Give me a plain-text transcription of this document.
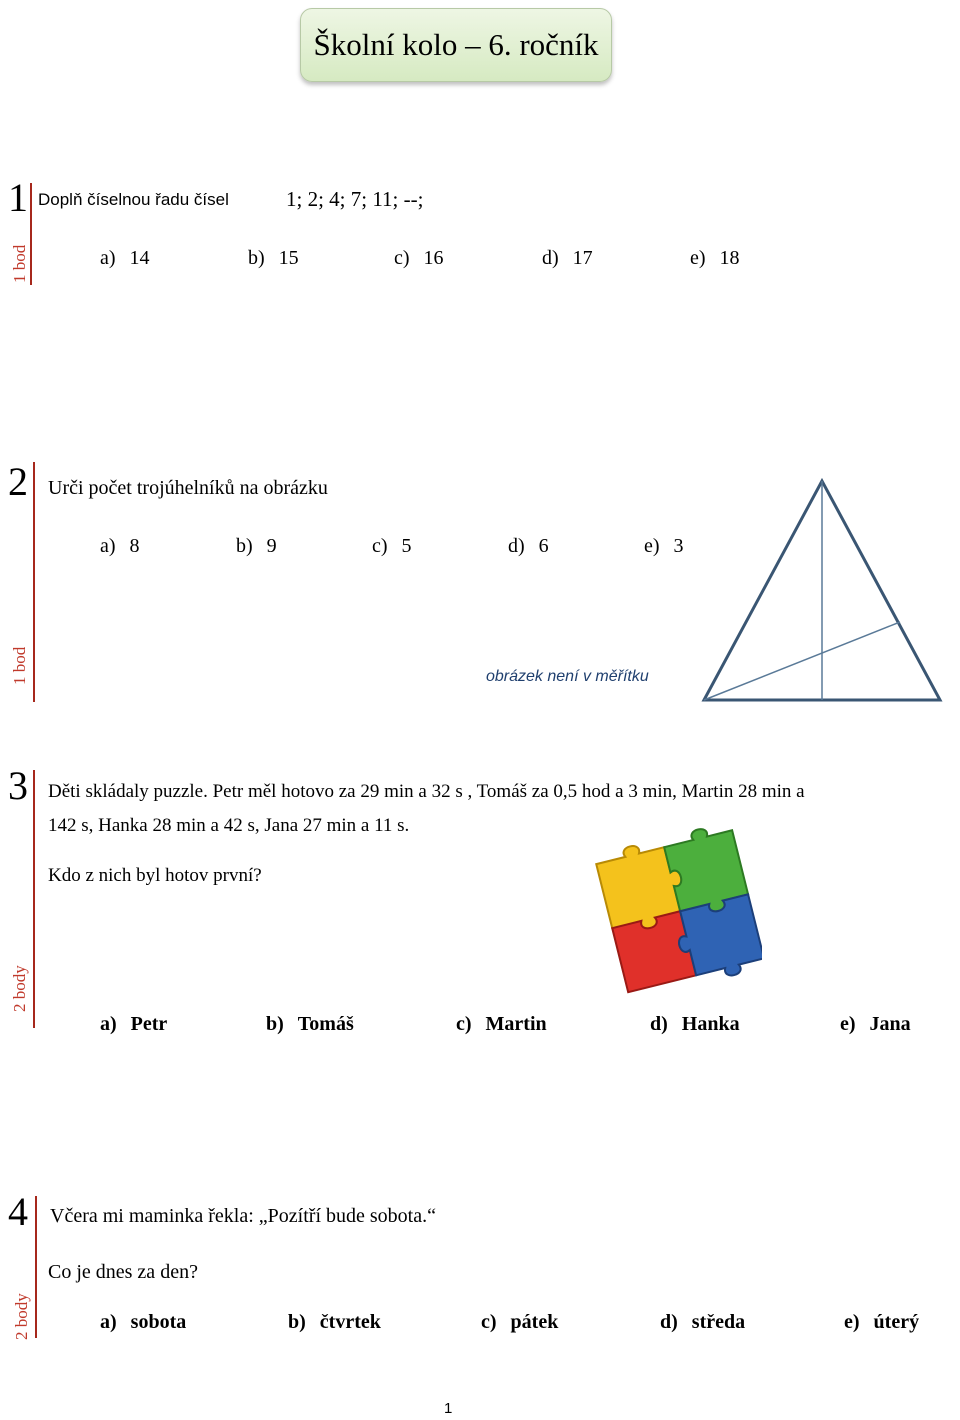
Školní kolo – 6. ročník
1
1 bod
Doplň číselnou řadu čísel	1; 2; 4; 7; 11; --;
a) 14	b) 15	c) 16	d) 17	e) 18
2
1 bod
Urči počet trojúhelníků na obrázku
a) 8	b) 9	c) 5	d) 6	e) 3
obrázek není v měřítku
3
2 body
Děti skládaly puzzle. Petr měl hotovo za 29 min a 32 s , Tomáš za 0,5 hod a 3 min, Martin 28 min a
142 s, Hanka 28 min a 42 s, Jana 27 min a 11 s.
Kdo z nich byl hotov první?
a) Petr	b) Tomáš	c) Martin	d) Hanka	e) Jana
4
2 body
Včera mi maminka řekla: „Pozítří bude sobota.“
Co je dnes za den?
a) sobota	b) čtvrtek	c) pátek	d) středa	e) úterý
1
